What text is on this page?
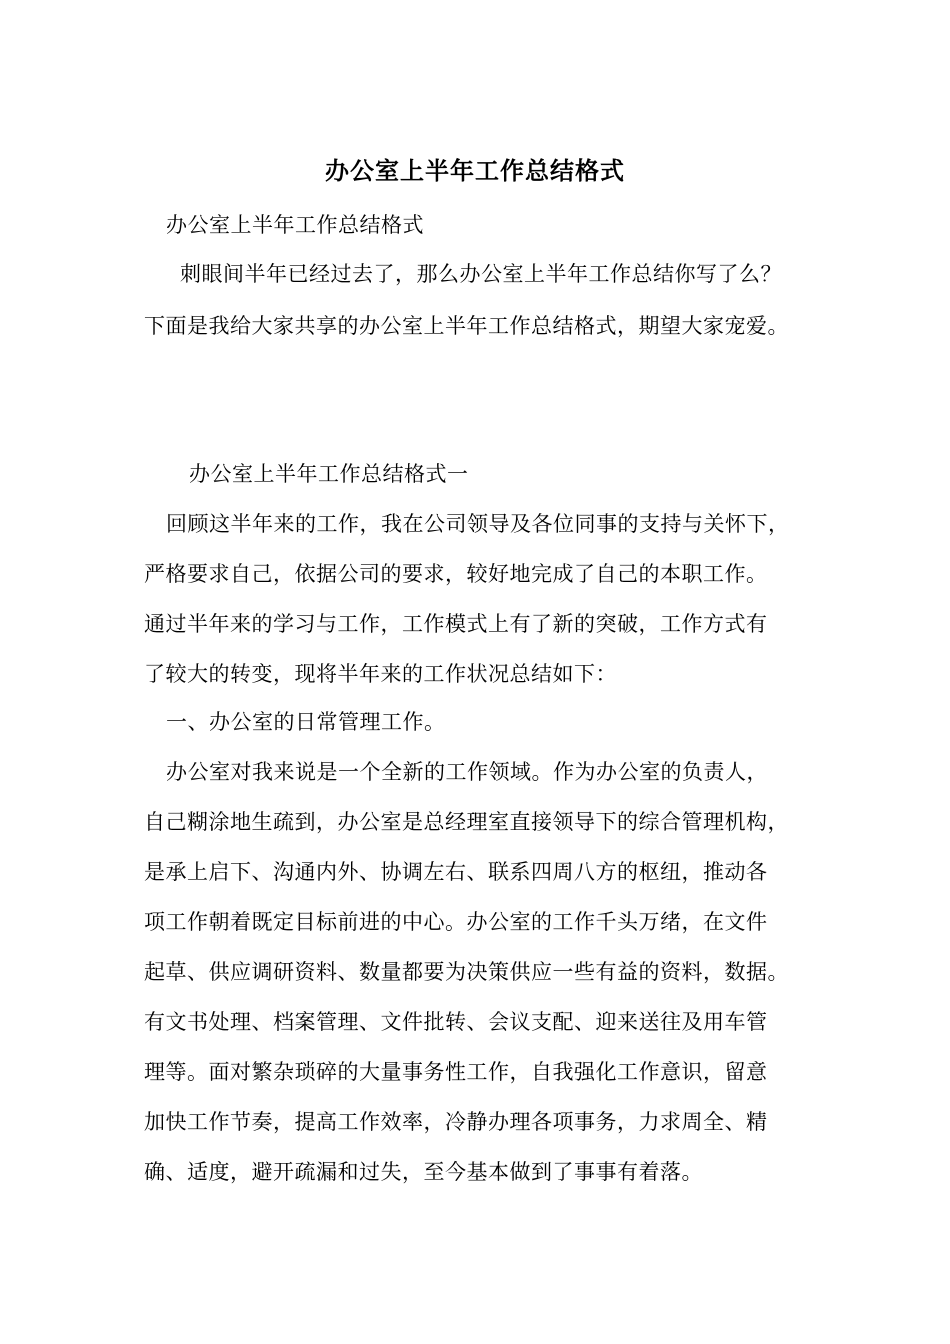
办公室上半年工作总结格式
办公室上半年工作总结格式
刺眼间半年已经过去了，那么办公室上半年工作总结你写了么？
下面是我给大家共享的办公室上半年工作总结格式，期望大家宠爱。
办公室上半年工作总结格式一
回顾这半年来的工作，我在公司领导及各位同事的支持与关怀下，
严格要求自己，依据公司的要求，较好地完成了自己的本职工作。
通过半年来的学习与工作，工作模式上有了新的突破，工作方式有
了较大的转变，现将半年来的工作状况总结如下：
一、办公室的日常管理工作。
办公室对我来说是一个全新的工作领域。作为办公室的负责人，
自己糊涂地生疏到，办公室是总经理室直接领导下的综合管理机构，
是承上启下、沟通内外、协调左右、联系四周八方的枢纽，推动各
项工作朝着既定目标前进的中心。办公室的工作千头万绪，在文件
起草、供应调研资料、数量都要为决策供应一些有益的资料，数据。
有文书处理、档案管理、文件批转、会议支配、迎来送往及用车管
理等。面对繁杂琐碎的大量事务性工作，自我强化工作意识，留意
加快工作节奏，提高工作效率，冷静办理各项事务，力求周全、精
确、适度，避开疏漏和过失，至今基本做到了事事有着落。
